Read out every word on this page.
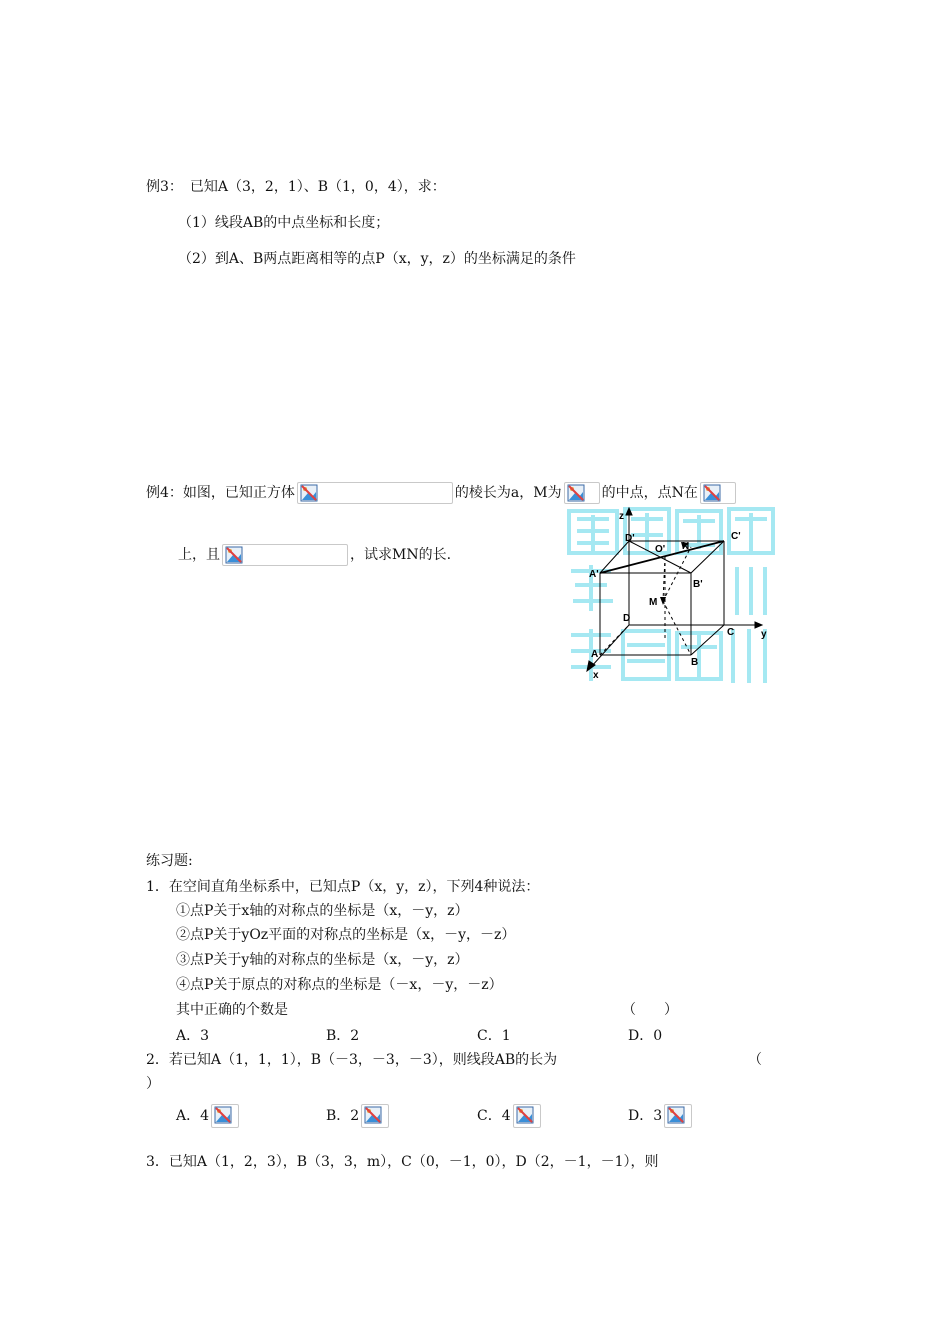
例3：　已知A（3，2，1）、B（1，0，4），求：
（1）线段AB的中点坐标和长度；
（2）到A、B两点距离相等的点P（x，y，z）的坐标满足的条件
例4：如图，已知正方体	的棱长为a，M为	的中点，点N在
上，且	，试求MN的长.
z
D'
O' N
C'
A'
B'
M
D
C	y
A
B
x
练习题:
1．在空间直角坐标系中，已知点P（x，y，z），下列4种说法：
①点P关于x轴的对称点的坐标是（x，－y，z）
②点P关于yOz平面的对称点的坐标是（x，－y，－z）
③点P关于y轴的对称点的坐标是（x，－y，z）
④点P关于原点的对称点的坐标是（－x，－y，－z）
其中正确的个数是	（　　）
A．3	B．2	C．1	D．0
2．若已知A（1，1，1），B（－3，－3，－3），则线段AB的长为	（
）
A．4	B．2	C．4	D．3
3．已知A（1，2，3），B（3，3，m），C（0，－1，0），D（2，－1，－1），则
